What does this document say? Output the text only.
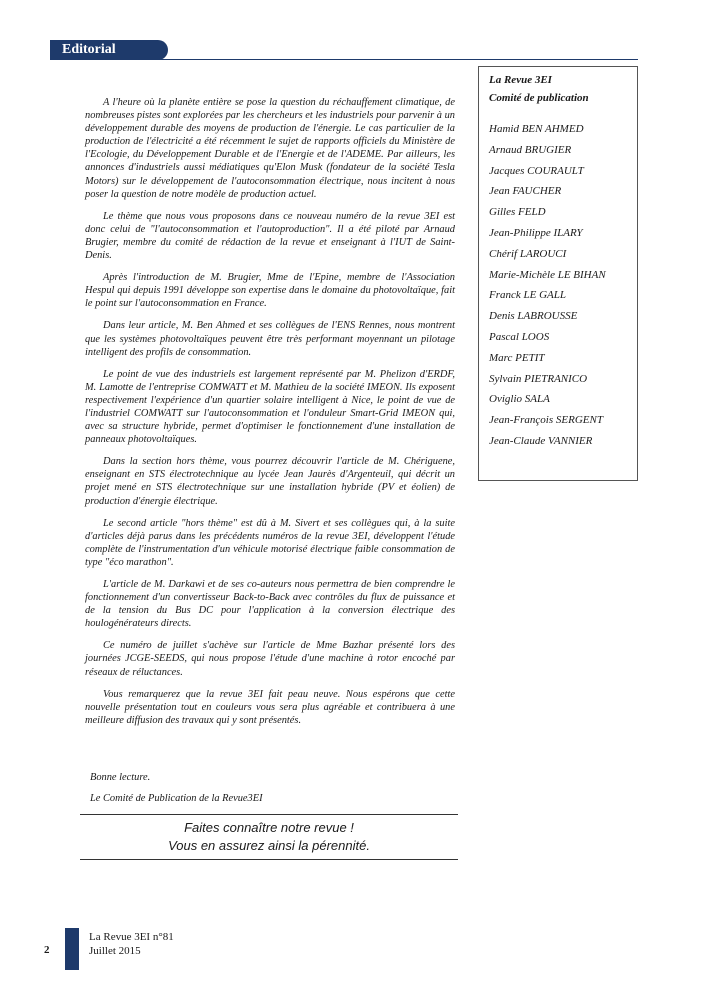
Editorial

A l'heure où la planète entière se pose la question du réchauffement climatique, de nombreuses pistes sont explorées par les chercheurs et les industriels pour parvenir à un développement durable des moyens de production de l'énergie. Le cas particulier de la production de l'électricité a été récemment le sujet de rapports officiels du Ministère de l'Ecologie, du Développement Durable et de l'Energie et de l'ADEME. Par ailleurs, les annonces d'industriels aussi médiatiques qu'Elon Musk (fondateur de la société Tesla Motors) sur le développement de l'autoconsommation électrique, nous incitent à nous poser la question de notre modèle de production actuel.

Le thème que nous vous proposons dans ce nouveau numéro de la revue 3EI est donc celui de "l'autoconsommation et l'autoproduction". Il a été piloté par Arnaud Brugier, membre du comité de rédaction de la revue et enseignant à l'IUT de Saint-Denis.

Après l'introduction de M. Brugier, Mme de l'Epine, membre de l'Association Hespul qui depuis 1991 développe son expertise dans le domaine du photovoltaïque, fait le point sur l'autoconsommation en France.

Dans leur article, M. Ben Ahmed et ses collègues de l'ENS Rennes, nous montrent que les systèmes photovoltaïques peuvent être très performant moyennant un pilotage intelligent des profils de consommation.

Le point de vue des industriels est largement représenté par M. Phelizon d'ERDF, M. Lamotte de l'entreprise COMWATT et M. Mathieu de la société IMEON. Ils exposent respectivement l'expérience d'un quartier solaire intelligent à Nice, le point de vue de l'industriel COMWATT sur l'autoconsommation et l'onduleur Smart-Grid IMEON qui, avec sa structure hybride, permet d'optimiser le fonctionnement d'une installation de panneaux photovoltaïques.

Dans la section hors thème, vous pourrez découvrir l'article de M. Chériguene, enseignant en STS électrotechnique au lycée Jean Jaurès d'Argenteuil, qui décrit un projet mené en STS électrotechnique sur une installation hybride (PV et éolien) de production d'énergie électrique.

Le second article "hors thème" est dû à M. Sivert et ses collègues qui, à la suite d'articles déjà parus dans les précédents numéros de la revue 3EI, développent l'étude complète de l'instrumentation d'un véhicule motorisé électrique faible consommation de type "éco marathon".

L'article de M. Darkawi et de ses co-auteurs nous permettra de bien comprendre le fonctionnement d'un convertisseur Back-to-Back avec contrôles du flux de puissance et de la tension du Bus DC pour l'application à la conversion électrique des houlogénérateurs directs.

Ce numéro de juillet s'achève sur l'article de Mme Bazhar présenté lors des journées JCGE-SEEDS, qui nous propose l'étude d'une machine à rotor encoché par réseaux de réluctances.

Vous remarquerez que la revue 3EI fait peau neuve. Nous espérons que cette nouvelle présentation tout en couleurs vous sera plus agréable et contribuera à une meilleure diffusion des travaux qui y sont présentés.

Bonne lecture.
Le Comité de Publication de la Revue3EI
Faites connaître notre revue !
Vous en assurez ainsi la pérennité.
La Revue 3EI
Comité de publication
Hamid BEN AHMED
Arnaud BRUGIER
Jacques COURAULT
Jean FAUCHER
Gilles FELD
Jean-Philippe ILARY
Chérif LAROUCI
Marie-Michèle LE BIHAN
Franck LE GALL
Denis LABROUSSE
Pascal LOOS
Marc PETIT
Sylvain PIETRANICO
Oviglio SALA
Jean-François SERGENT
Jean-Claude VANNIER
2
La Revue 3EI n°81
Juillet 2015
